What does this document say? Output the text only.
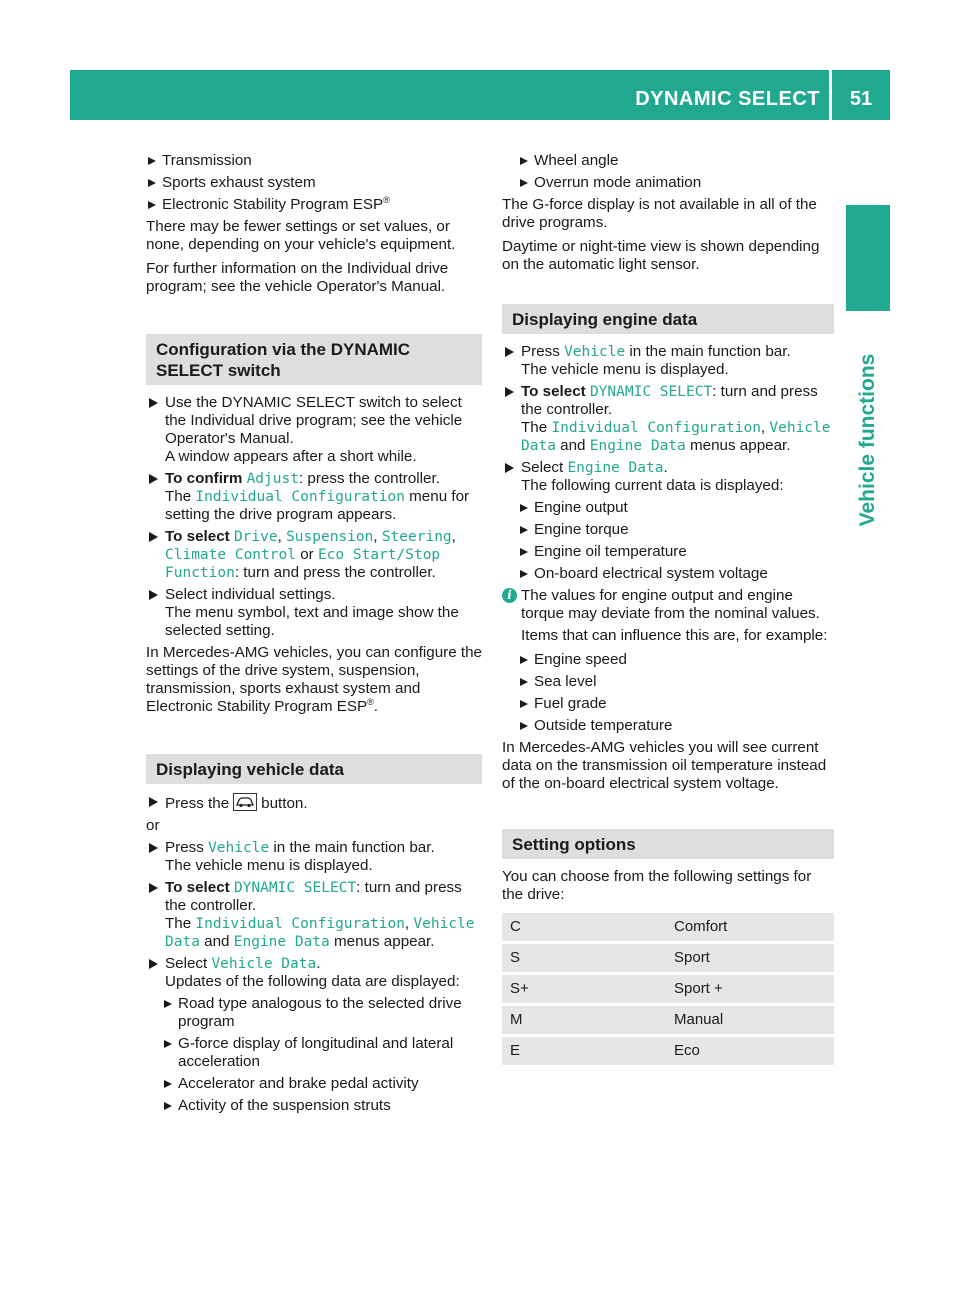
DYNAMIC SELECT	51
Vehicle functions
Transmission
Sports exhaust system
Electronic Stability Program ESP®

There may be fewer settings or set values, or none, depending on your vehicle's equipment.

For further information on the Individual drive program; see the vehicle Operator's Manual.

Configuration via the DYNAMIC SELECT switch
Use the DYNAMIC SELECT switch to select the Individual drive program; see the vehicle Operator's Manual.
A window appears after a short while.
To confirm Adjust: press the controller.
The Individual Configuration menu for setting the drive program appears.
To select Drive, Suspension, Steering, Climate Control or Eco Start/Stop Function: turn and press the controller.
Select individual settings.
The menu symbol, text and image show the selected setting.

In Mercedes-AMG vehicles, you can configure the settings of the drive system, suspension, transmission, sports exhaust system and Electronic Stability Program ESP®.

Displaying vehicle data
Press the button.

or

Press Vehicle in the main function bar.
The vehicle menu is displayed.
To select DYNAMIC SELECT: turn and press the controller.
The Individual Configuration, Vehicle Data and Engine Data menus appear.
Select Vehicle Data.
Updates of the following data are displayed:
Road type analogous to the selected drive program
G-force display of longitudinal and lateral acceleration
Accelerator and brake pedal activity
Activity of the suspension struts
Wheel angle
Overrun mode animation

The G-force display is not available in all of the drive programs.

Daytime or night-time view is shown depending on the automatic light sensor.

Displaying engine data
Press Vehicle in the main function bar.
The vehicle menu is displayed.
To select DYNAMIC SELECT: turn and press the controller.
The Individual Configuration, Vehicle Data and Engine Data menus appear.
Select Engine Data.
The following current data is displayed:
Engine output
Engine torque
Engine oil temperature
On-board electrical system voltage
i The values for engine output and engine torque may deviate from the nominal values.

Items that can influence this are, for example:

Engine speed
Sea level
Fuel grade
Outside temperature

In Mercedes-AMG vehicles you will see current data on the transmission oil temperature instead of the on-board electrical system voltage.

Setting options

You can choose from the following settings for the drive:

C	Comfort
S	Sport
S+	Sport +
M	Manual
E	Eco
